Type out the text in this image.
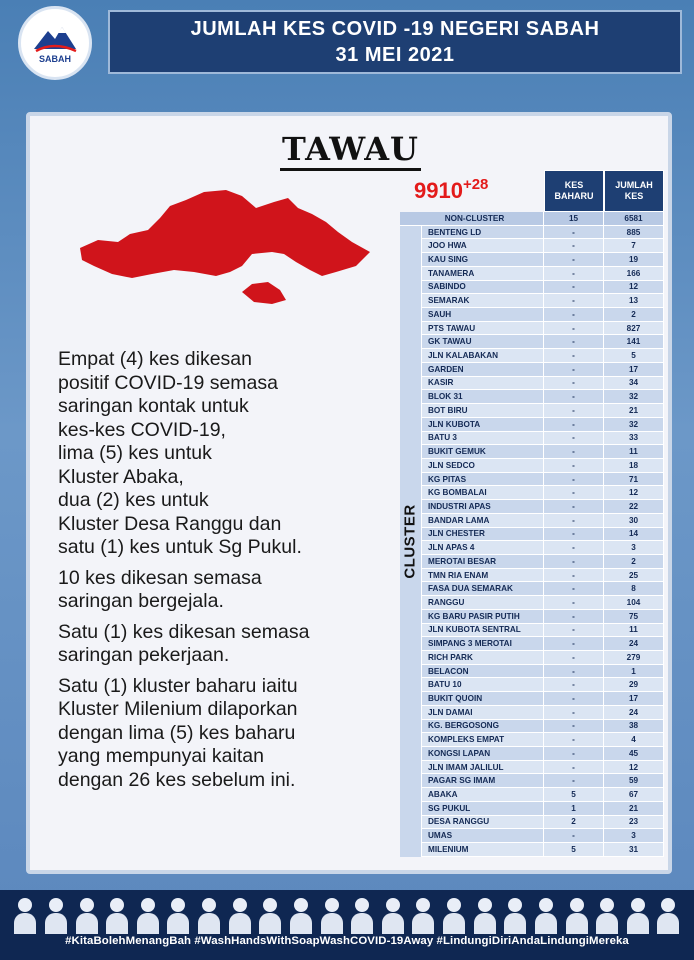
SABAH
JUMLAH KES COVID -19 NEGERI SABAH
31 MEI 2021
TAWAU

Empat (4) kes dikesan
positif COVID-19 semasa
saringan kontak untuk
kes-kes COVID-19,
lima (5) kes untuk
Kluster Abaka,
dua (2) kes untuk
Kluster Desa Ranggu dan
satu (1) kes untuk Sg Pukul.

10 kes dikesan semasa
saringan bergejala.

Satu (1) kes dikesan semasa
saringan pekerjaan.

Satu (1) kluster baharu iaitu
Kluster Milenium dilaporkan
dengan lima (5) kes baharu
yang mempunyai kaitan
dengan 26 kes sebelum ini.

$9910^{+28}$	KES BAHARU
JUMLAH KES
NON-CLUSTER	15	6581
CLUSTER
BENTENG LD	-	885
JOO HWA	-	7
KAU SING	-	19
TANAMERA	-	166
SABINDO	-	12
SEMARAK	-	13
SAUH	-	2
PTS TAWAU	-	827
GK TAWAU	-	141
JLN KALABAKAN	-	5
GARDEN	-	17
KASIR	-	34
BLOK 31	-	32
BOT BIRU	-	21
JLN KUBOTA	-	32
BATU 3	-	33
BUKIT GEMUK	-	11
JLN SEDCO	-	18
KG PITAS	-	71
KG BOMBALAI	-	12
INDUSTRI APAS	-	22
BANDAR LAMA	-	30
JLN CHESTER	-	14
JLN APAS 4	-	3
MEROTAI BESAR	-	2
TMN RIA ENAM	-	25
FASA DUA SEMARAK	-	8
RANGGU	-	104
KG BARU PASIR PUTIH	-	75
JLN KUBOTA SENTRAL	-	11
SIMPANG 3 MEROTAI	-	24
RICH PARK	-	279
BELACON	-	1
BATU 10	-	29
BUKIT QUOIN	-	17
JLN DAMAI	-	24
KG. BERGOSONG	-	38
KOMPLEKS EMPAT	-	4
KONGSI LAPAN	-	45
JLN IMAM JALILUL	-	12
PAGAR SG IMAM	-	59
ABAKA	5	67
SG PUKUL	1	21
DESA RANGGU	2	23
UMAS	-	3
MILENIUM	5	31
#KitaBolehMenangBah #WashHandsWithSoapWashCOVID-19Away #LindungiDiriAndaLindungiMereka
